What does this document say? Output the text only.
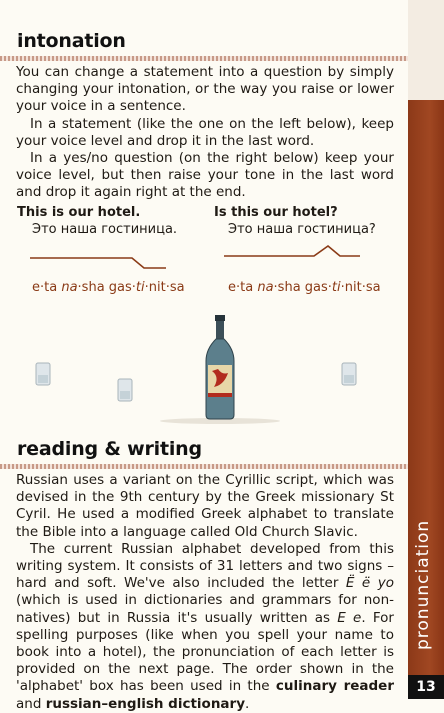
intonation

You can change a statement into a question by simply changing your intonation, or the way you raise or lower your voice in a sentence.

In a statement (like the one on the left below), keep your voice level and drop it in the last word.

In a yes/no question (on the right below) keep your voice level, but then raise your tone in the last word and drop it again right at the end.

This is our hotel.
Это наша гостиница.
e·ta na·sha gas·ti·nit·sa
Is this our hotel?
Это наша гостиница?
e·ta na·sha gas·ti·nit·sa
reading & writing

Russian uses a variant on the Cyrillic script, which was devised in the 9th century by the Greek missionary St Cyril. He used a modified Greek alphabet to translate the Bible into a language called Old Church Slavic.

The current Russian alphabet developed from this writing system. It consists of 31 letters and two signs – hard and soft. We've also included the letter Ё ё yo (which is used in dictionaries and grammars for non-natives) but in Russia it's usually written as Е е. For spelling purposes (like when you spell your name to book into a hotel), the pronunciation of each letter is provided on the next page. The order shown in the 'alphabet' box has been used in the culinary reader and russian–english dictionary.

pronunciation
13
